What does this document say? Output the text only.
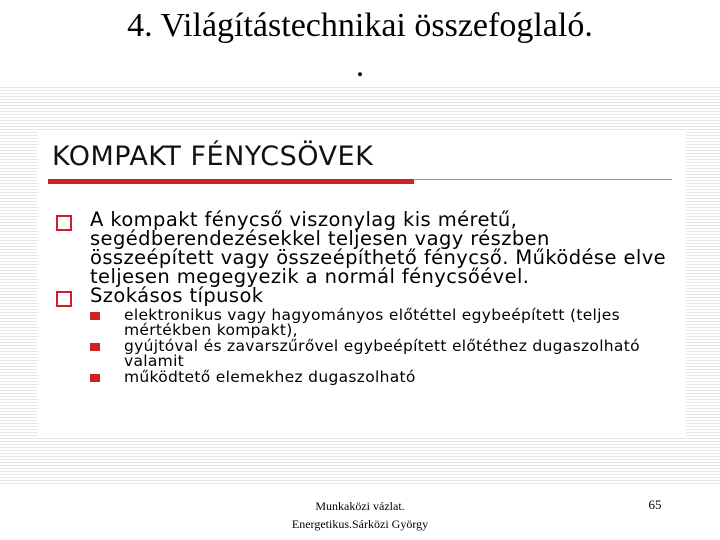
4. Világítástechnikai összefoglaló.
.
KOMPAKT FÉNYCSÖVEK
A kompakt fénycső viszonylag kis méretű, segédberendezésekkel teljesen vagy részben összeépített vagy összeépíthető fénycső. Működése elve teljesen megegyezik a normál fénycsőével.
Szokásos típusok
elektronikus vagy hagyományos előtéttel egybeépített (teljes mértékben kompakt),
gyújtóval és zavarszűrővel egybeépített előtéthez dugaszolható valamit
működtető elemekhez dugaszolható
Munkaközi vázlat.
Energetikus.Sárközi György
65
